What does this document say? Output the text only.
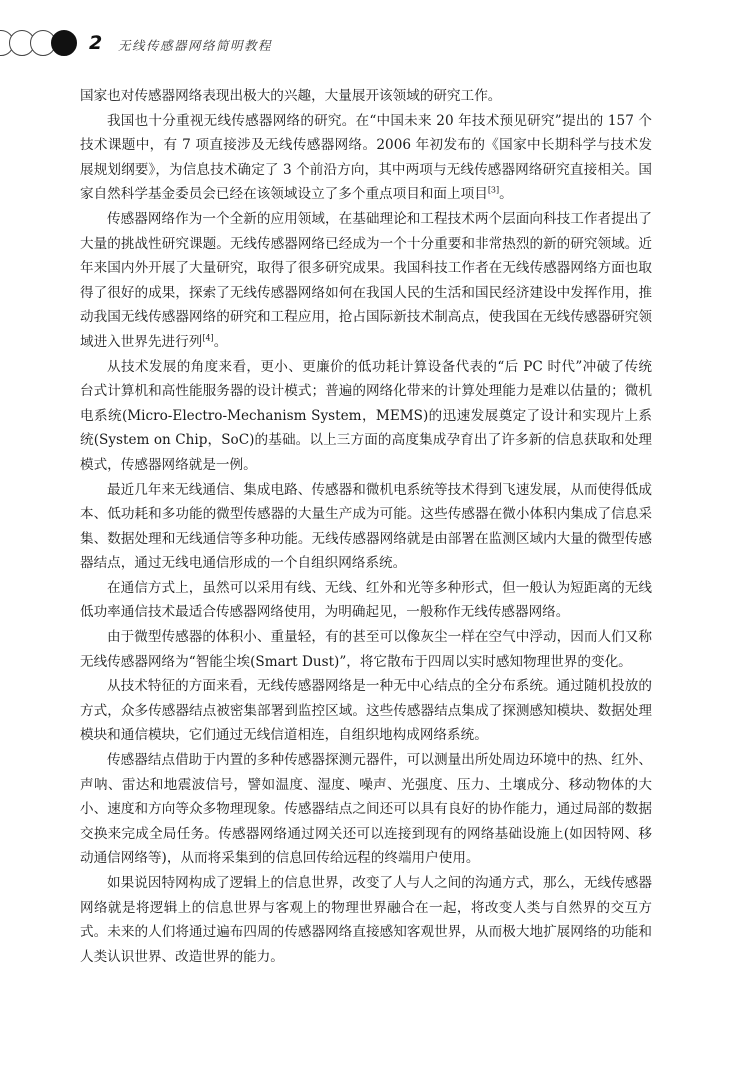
2 无线传感器网络简明教程

国家也对传感器网络表现出极大的兴趣，大量展开该领域的研究工作。

我国也十分重视无线传感器网络的研究。在“中国未来 20 年技术预见研究”提出的 157 个技术课题中，有 7 项直接涉及无线传感器网络。2006 年初发布的《国家中长期科学与技术发展规划纲要》，为信息技术确定了 3 个前沿方向，其中两项与无线传感器网络研究直接相关。国家自然科学基金委员会已经在该领域设立了多个重点项目和面上项目[3]。

传感器网络作为一个全新的应用领域，在基础理论和工程技术两个层面向科技工作者提出了大量的挑战性研究课题。无线传感器网络已经成为一个十分重要和非常热烈的新的研究领域。近年来国内外开展了大量研究，取得了很多研究成果。我国科技工作者在无线传感器网络方面也取得了很好的成果，探索了无线传感器网络如何在我国人民的生活和国民经济建设中发挥作用，推动我国无线传感器网络的研究和工程应用，抢占国际新技术制高点，使我国在无线传感器研究领域进入世界先进行列[4]。

从技术发展的角度来看，更小、更廉价的低功耗计算设备代表的“后 PC 时代”冲破了传统台式计算机和高性能服务器的设计模式；普遍的网络化带来的计算处理能力是难以估量的；微机电系统(Micro-Electro-Mechanism System，MEMS)的迅速发展奠定了设计和实现片上系统(System on Chip，SoC)的基础。以上三方面的高度集成孕育出了许多新的信息获取和处理模式，传感器网络就是一例。

最近几年来无线通信、集成电路、传感器和微机电系统等技术得到飞速发展，从而使得低成本、低功耗和多功能的微型传感器的大量生产成为可能。这些传感器在微小体积内集成了信息采集、数据处理和无线通信等多种功能。无线传感器网络就是由部署在监测区域内大量的微型传感器结点，通过无线电通信形成的一个自组织网络系统。

在通信方式上，虽然可以采用有线、无线、红外和光等多种形式，但一般认为短距离的无线低功率通信技术最适合传感器网络使用，为明确起见，一般称作无线传感器网络。

由于微型传感器的体积小、重量轻，有的甚至可以像灰尘一样在空气中浮动，因而人们又称无线传感器网络为“智能尘埃(Smart Dust)”，将它散布于四周以实时感知物理世界的变化。

从技术特征的方面来看，无线传感器网络是一种无中心结点的全分布系统。通过随机投放的方式，众多传感器结点被密集部署到监控区域。这些传感器结点集成了探测感知模块、数据处理模块和通信模块，它们通过无线信道相连，自组织地构成网络系统。

传感器结点借助于内置的多种传感器探测元器件，可以测量出所处周边环境中的热、红外、声呐、雷达和地震波信号，譬如温度、湿度、噪声、光强度、压力、土壤成分、移动物体的大小、速度和方向等众多物理现象。传感器结点之间还可以具有良好的协作能力，通过局部的数据交换来完成全局任务。传感器网络通过网关还可以连接到现有的网络基础设施上(如因特网、移动通信网络等)，从而将采集到的信息回传给远程的终端用户使用。

如果说因特网构成了逻辑上的信息世界，改变了人与人之间的沟通方式，那么，无线传感器网络就是将逻辑上的信息世界与客观上的物理世界融合在一起，将改变人类与自然界的交互方式。未来的人们将通过遍布四周的传感器网络直接感知客观世界，从而极大地扩展网络的功能和人类认识世界、改造世界的能力。
